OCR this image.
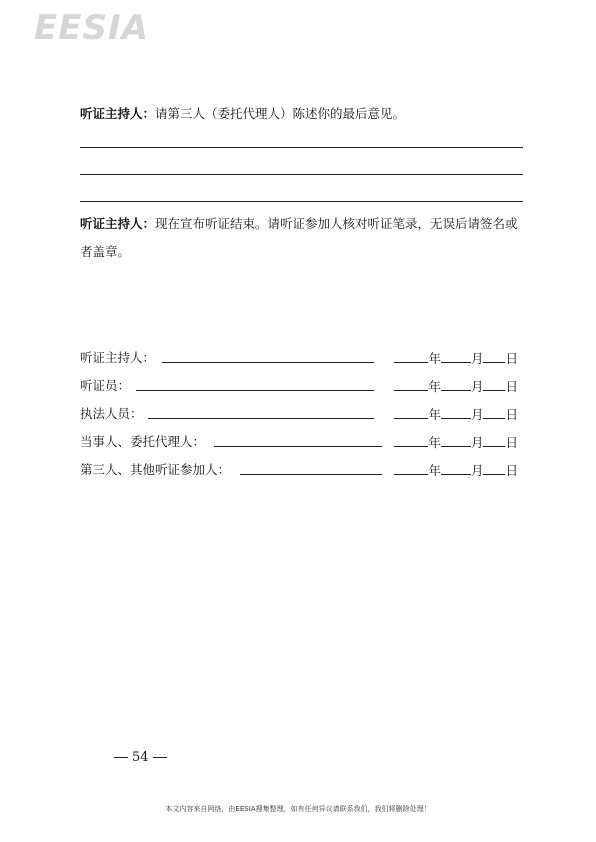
EESIA
听证主持人：请第三人（委托代理人）陈述你的最后意见。
听证主持人：现在宣布听证结束。请听证参加人核对听证笔录，无误后请签名或者盖章。
听证主持人：	年 月 日
听证员：	年 月 日
执法人员：	年 月 日
当事人、委托代理人：	年 月 日
第三人、其他听证参加人：	年 月 日
54
本文内容来自网络，由EESIA搜集整理，如有任何异议请联系我们，我们将删除处理！
